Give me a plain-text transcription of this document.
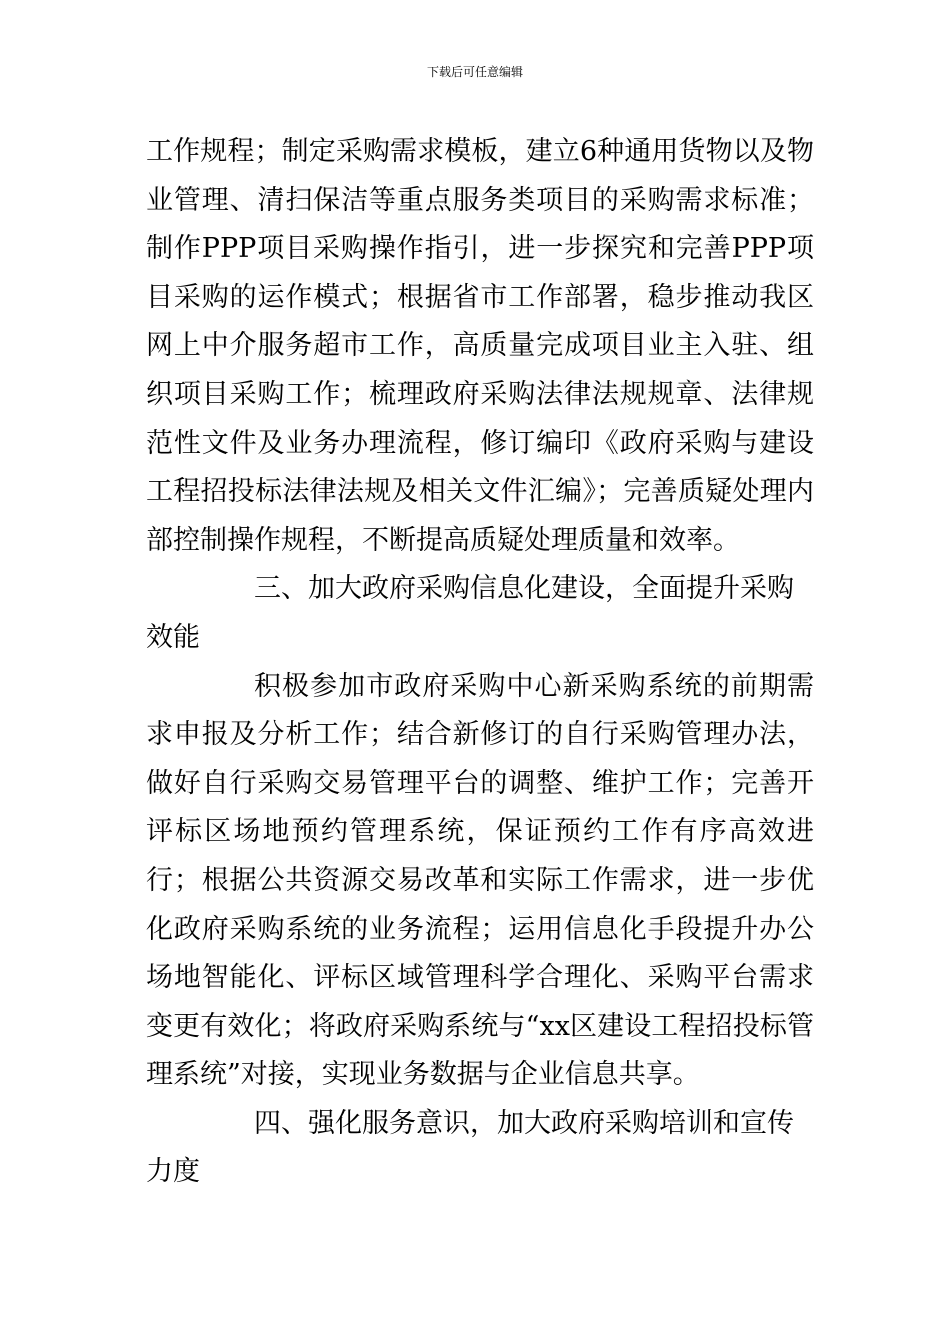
下载后可任意编辑

工作规程；制定采购需求模板，建立6种通用货物以及物业管理、清扫保洁等重点服务类项目的采购需求标准；制作PPP项目采购操作指引，进一步探究和完善PPP项目采购的运作模式；根据省市工作部署，稳步推动我区网上中介服务超市工作，高质量完成项目业主入驻、组织项目采购工作；梳理政府采购法律法规规章、法律规范性文件及业务办理流程，修订编印《政府采购与建设工程招投标法律法规及相关文件汇编》；完善质疑处理内部控制操作规程，不断提高质疑处理质量和效率。

三、加大政府采购信息化建设，全面提升采购效能

积极参加市政府采购中心新采购系统的前期需求申报及分析工作；结合新修订的自行采购管理办法，做好自行采购交易管理平台的调整、维护工作；完善开评标区场地预约管理系统，保证预约工作有序高效进行；根据公共资源交易改革和实际工作需求，进一步优化政府采购系统的业务流程；运用信息化手段提升办公场地智能化、评标区域管理科学合理化、采购平台需求变更有效化；将政府采购系统与“xx区建设工程招投标管理系统”对接，实现业务数据与企业信息共享。

四、强化服务意识，加大政府采购培训和宣传力度
